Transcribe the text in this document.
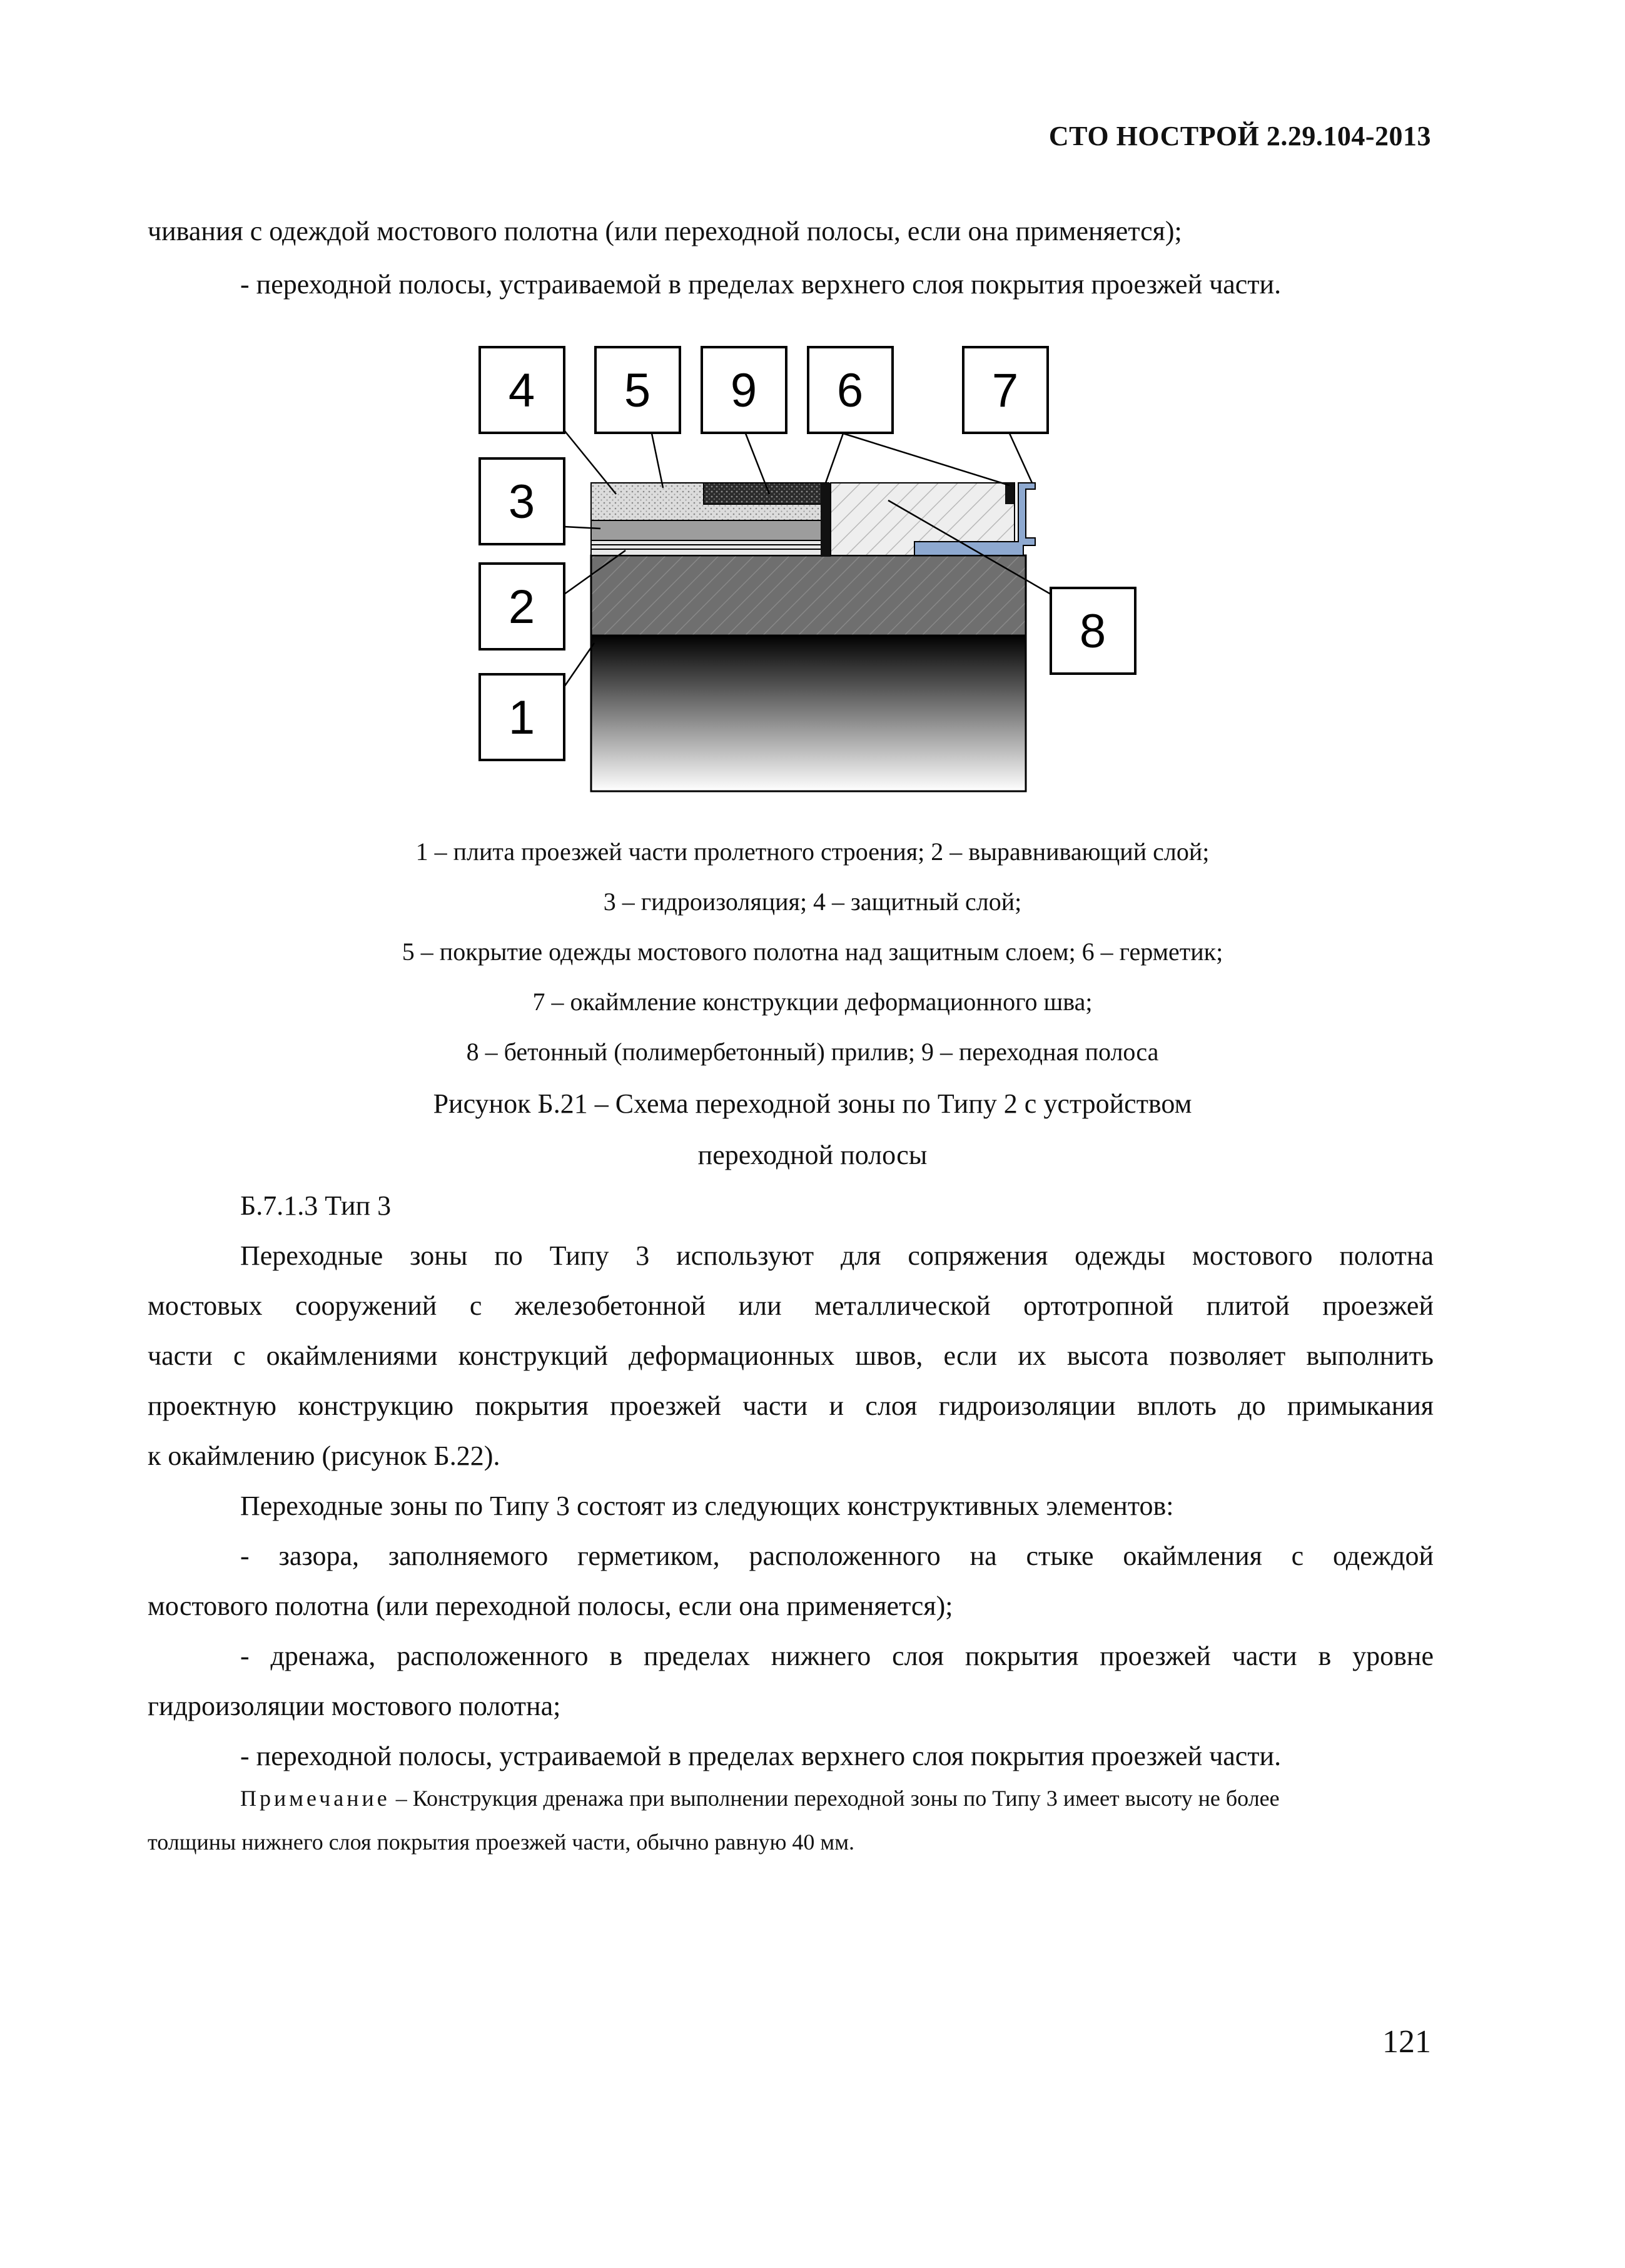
СТО НОСТРОЙ 2.29.104-2013
чивания с одеждой мостового полотна (или переходной полосы, если она применяется);
- переходной полосы, устраиваемой в пределах верхнего слоя покрытия проезжей части.
4 5 9 6	7
3
2
1
8
1 – плита проезжей части пролетного строения; 2 – выравнивающий слой;
3 – гидроизоляция; 4 – защитный слой;
5 – покрытие одежды мостового полотна над защитным слоем; 6 – герметик;
7 – окаймление конструкции деформационного шва;
8 – бетонный (полимербетонный) прилив; 9 – переходная полоса
Рисунок Б.21 – Схема переходной зоны по Типу 2 с устройством
переходной полосы
Б.7.1.3 Тип 3
Переходные зоны по Типу 3 используют для сопряжения одежды мостового полотна
мостовых сооружений с железобетонной или металлической ортотропной плитой проезжей
части с окаймлениями конструкций деформационных швов, если их высота позволяет выполнить
проектную конструкцию покрытия проезжей части и слоя гидроизоляции вплоть до примыкания
к окаймлению (рисунок Б.22).
Переходные зоны по Типу 3 состоят из следующих конструктивных элементов:
- зазора, заполняемого герметиком, расположенного на стыке окаймления с одеждой
мостового полотна (или переходной полосы, если она применяется);
- дренажа, расположенного в пределах нижнего слоя покрытия проезжей части в уровне
гидроизоляции мостового полотна;
- переходной полосы, устраиваемой в пределах верхнего слоя покрытия проезжей части.
Примечание – Конструкция дренажа при выполнении переходной зоны по Типу 3 имеет высоту не более
толщины нижнего слоя покрытия проезжей части, обычно равную 40 мм.
121
